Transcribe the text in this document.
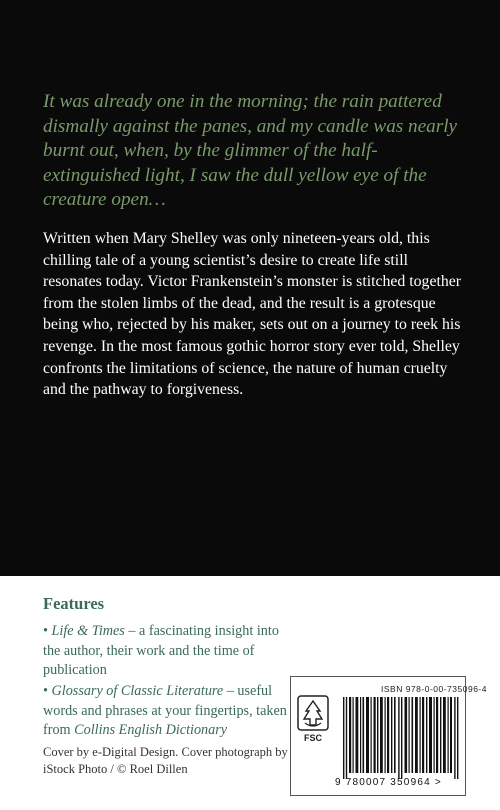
It was already one in the morning; the rain pattered dismally against the panes, and my candle was nearly burnt out, when, by the glimmer of the half-extinguished light, I saw the dull yellow eye of the creature open…

Written when Mary Shelley was only nineteen-years old, this chilling tale of a young scientist’s desire to create life still resonates today. Victor Frankenstein’s monster is stitched together from the stolen limbs of the dead, and the result is a grotesque being who, rejected by his maker, sets out on a journey to reek his revenge. In the most famous gothic horror story ever told, Shelley confronts the limitations of science, the nature of human cruelty and the pathway to forgiveness.

Features

• Life & Times – a fascinating insight into the author, their work and the time of publication

• Glossary of Classic Literature – useful words and phrases at your fingertips, taken from Collins English Dictionary

Cover by e-Digital Design. Cover photograph by iStock Photo / © Roel Dillen

ISBN 978-0-00-735096-4
FSC
9 780007 350964 >
